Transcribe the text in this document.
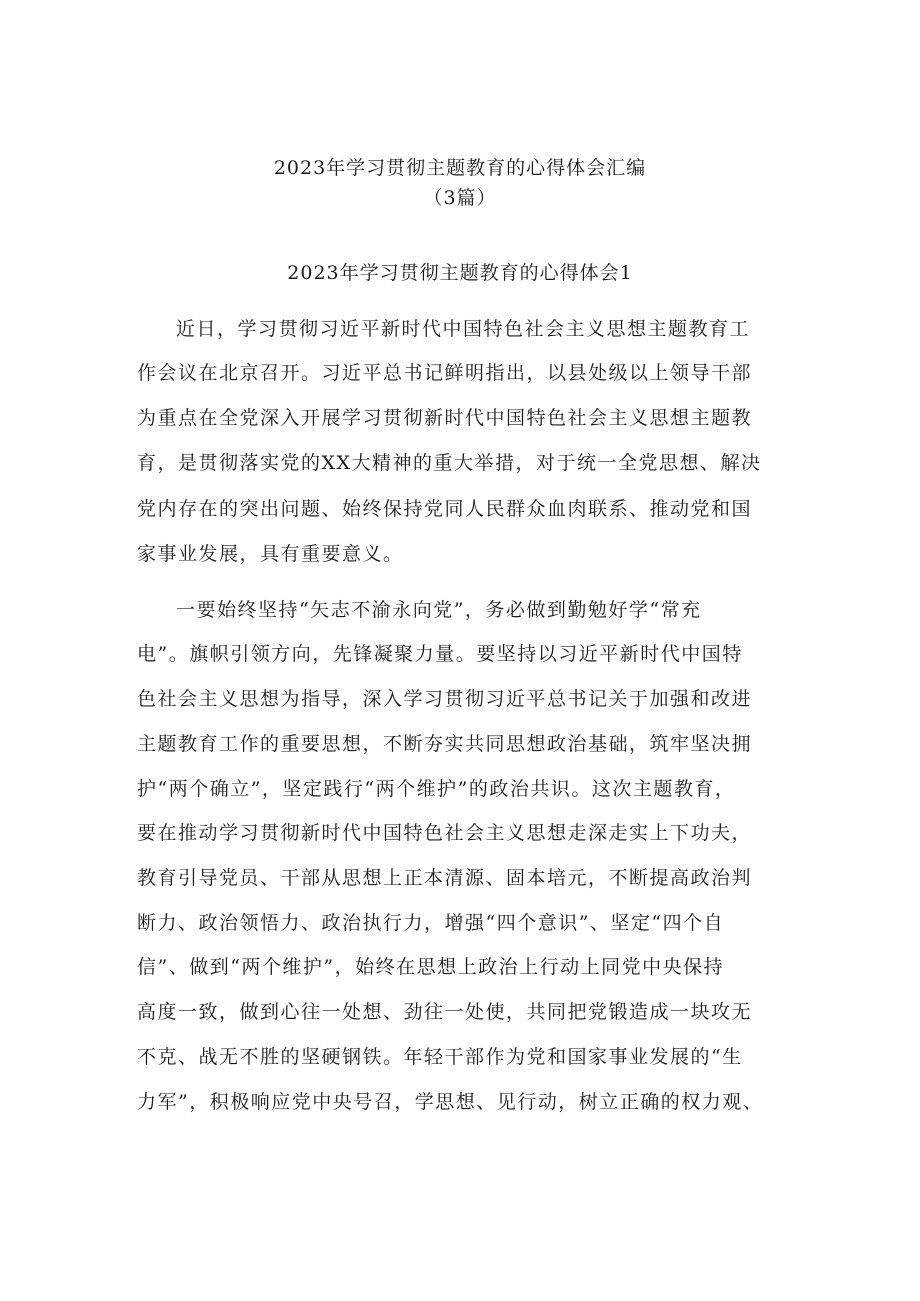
2023年学习贯彻主题教育的心得体会汇编
（3篇）
2023年学习贯彻主题教育的心得体会1
近日，学习贯彻习近平新时代中国特色社会主义思想主题教育工
作会议在北京召开。习近平总书记鲜明指出，以县处级以上领导干部
为重点在全党深入开展学习贯彻新时代中国特色社会主义思想主题教
育，是贯彻落实党的XX大精神的重大举措，对于统一全党思想、解决
党内存在的突出问题、始终保持党同人民群众血肉联系、推动党和国
家事业发展，具有重要意义。
一要始终坚持“矢志不渝永向党”，务必做到勤勉好学“常充
电”。旗帜引领方向，先锋凝聚力量。要坚持以习近平新时代中国特
色社会主义思想为指导，深入学习贯彻习近平总书记关于加强和改进
主题教育工作的重要思想，不断夯实共同思想政治基础，筑牢坚决拥
护“两个确立”，坚定践行“两个维护”的政治共识。这次主题教育，
要在推动学习贯彻新时代中国特色社会主义思想走深走实上下功夫，
教育引导党员、干部从思想上正本清源、固本培元，不断提高政治判
断力、政治领悟力、政治执行力，增强“四个意识”、坚定“四个自
信”、做到“两个维护”，始终在思想上政治上行动上同党中央保持
高度一致，做到心往一处想、劲往一处使，共同把党锻造成一块攻无
不克、战无不胜的坚硬钢铁。年轻干部作为党和国家事业发展的“生
力军”，积极响应党中央号召，学思想、见行动，树立正确的权力观、
